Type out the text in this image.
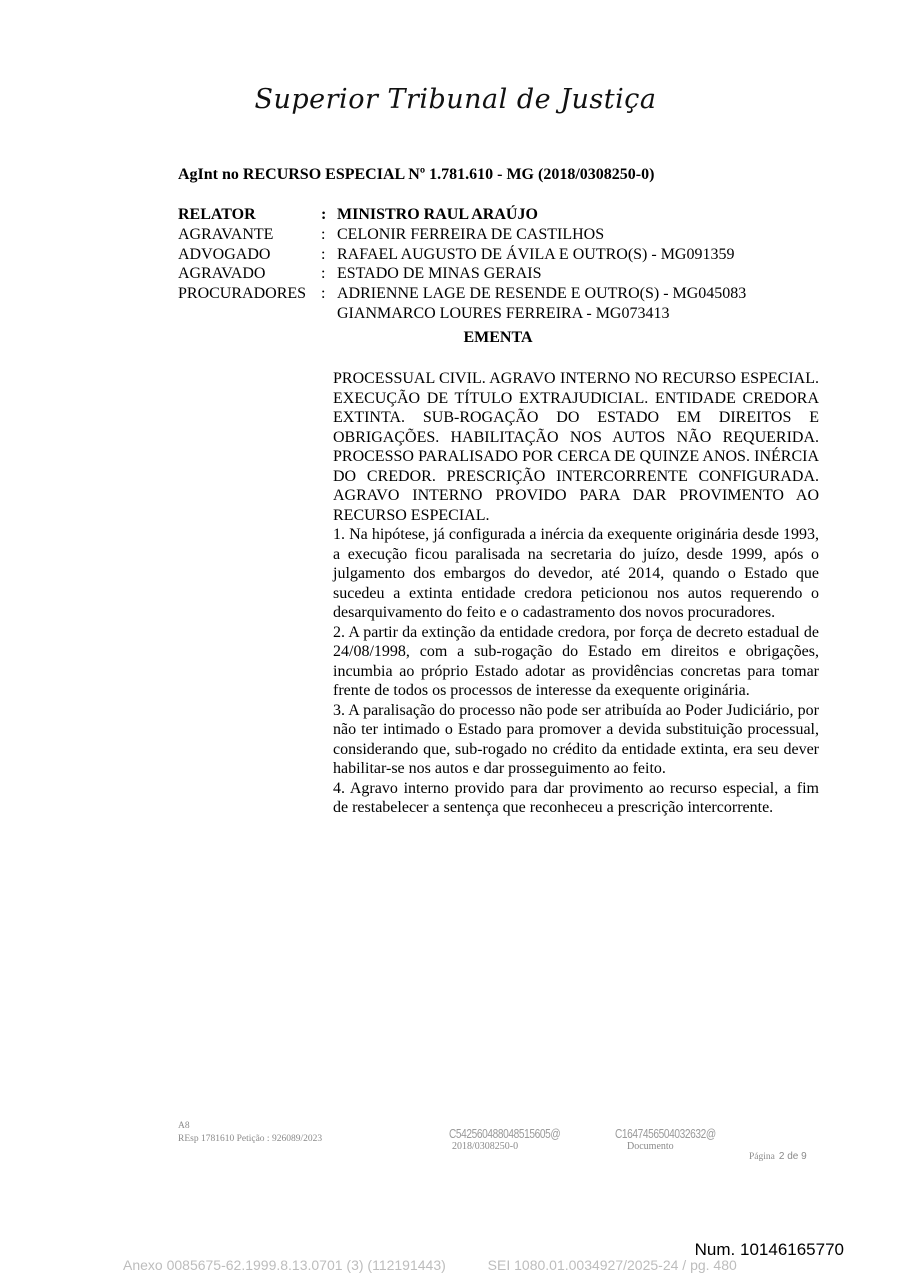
Superior Tribunal de Justiça
AgInt no RECURSO ESPECIAL Nº 1.781.610 - MG (2018/0308250-0)
RELATOR	: MINISTRO RAUL ARAÚJO
AGRAVANTE	: CELONIR FERREIRA DE CASTILHOS
ADVOGADO	: RAFAEL AUGUSTO DE ÁVILA E OUTRO(S) - MG091359
AGRAVADO	: ESTADO DE MINAS GERAIS
PROCURADORES : ADRIENNE LAGE DE RESENDE E OUTRO(S) - MG045083
GIANMARCO LOURES FERREIRA - MG073413
EMENTA

PROCESSUAL CIVIL. AGRAVO INTERNO NO RECURSO ESPECIAL. EXECUÇÃO DE TÍTULO EXTRAJUDICIAL. ENTIDADE CREDORA EXTINTA. SUB-ROGAÇÃO DO ESTADO EM DIREITOS E OBRIGAÇÕES. HABILITAÇÃO NOS AUTOS NÃO REQUERIDA. PROCESSO PARALISADO POR CERCA DE QUINZE ANOS. INÉRCIA DO CREDOR. PRESCRIÇÃO INTERCORRENTE CONFIGURADA. AGRAVO INTERNO PROVIDO PARA DAR PROVIMENTO AO RECURSO ESPECIAL.

1. Na hipótese, já configurada a inércia da exequente originária desde 1993, a execução ficou paralisada na secretaria do juízo, desde 1999, após o julgamento dos embargos do devedor, até 2014, quando o Estado que sucedeu a extinta entidade credora peticionou nos autos requerendo o desarquivamento do feito e o cadastramento dos novos procuradores.

2. A partir da extinção da entidade credora, por força de decreto estadual de 24/08/1998, com a sub-rogação do Estado em direitos e obrigações, incumbia ao próprio Estado adotar as providências concretas para tomar frente de todos os processos de interesse da exequente originária.

3. A paralisação do processo não pode ser atribuída ao Poder Judiciário, por não ter intimado o Estado para promover a devida substituição processual, considerando que, sub-rogado no crédito da entidade extinta, era seu dever habilitar-se nos autos e dar prosseguimento ao feito.

4. Agravo interno provido para dar provimento ao recurso especial, a fim de restabelecer a sentença que reconheceu a prescrição intercorrente.

A8
REsp 1781610 Petição : 926089/2023	C542560488048515605@
2018/0308250-0
C1647456504032632@
Documento
Página 2 de 9
Num. 10146165770
Anexo 0085675-62.1999.8.13.0701 (3) (112191443)	SEI 1080.01.0034927/2025-24 / pg. 480
